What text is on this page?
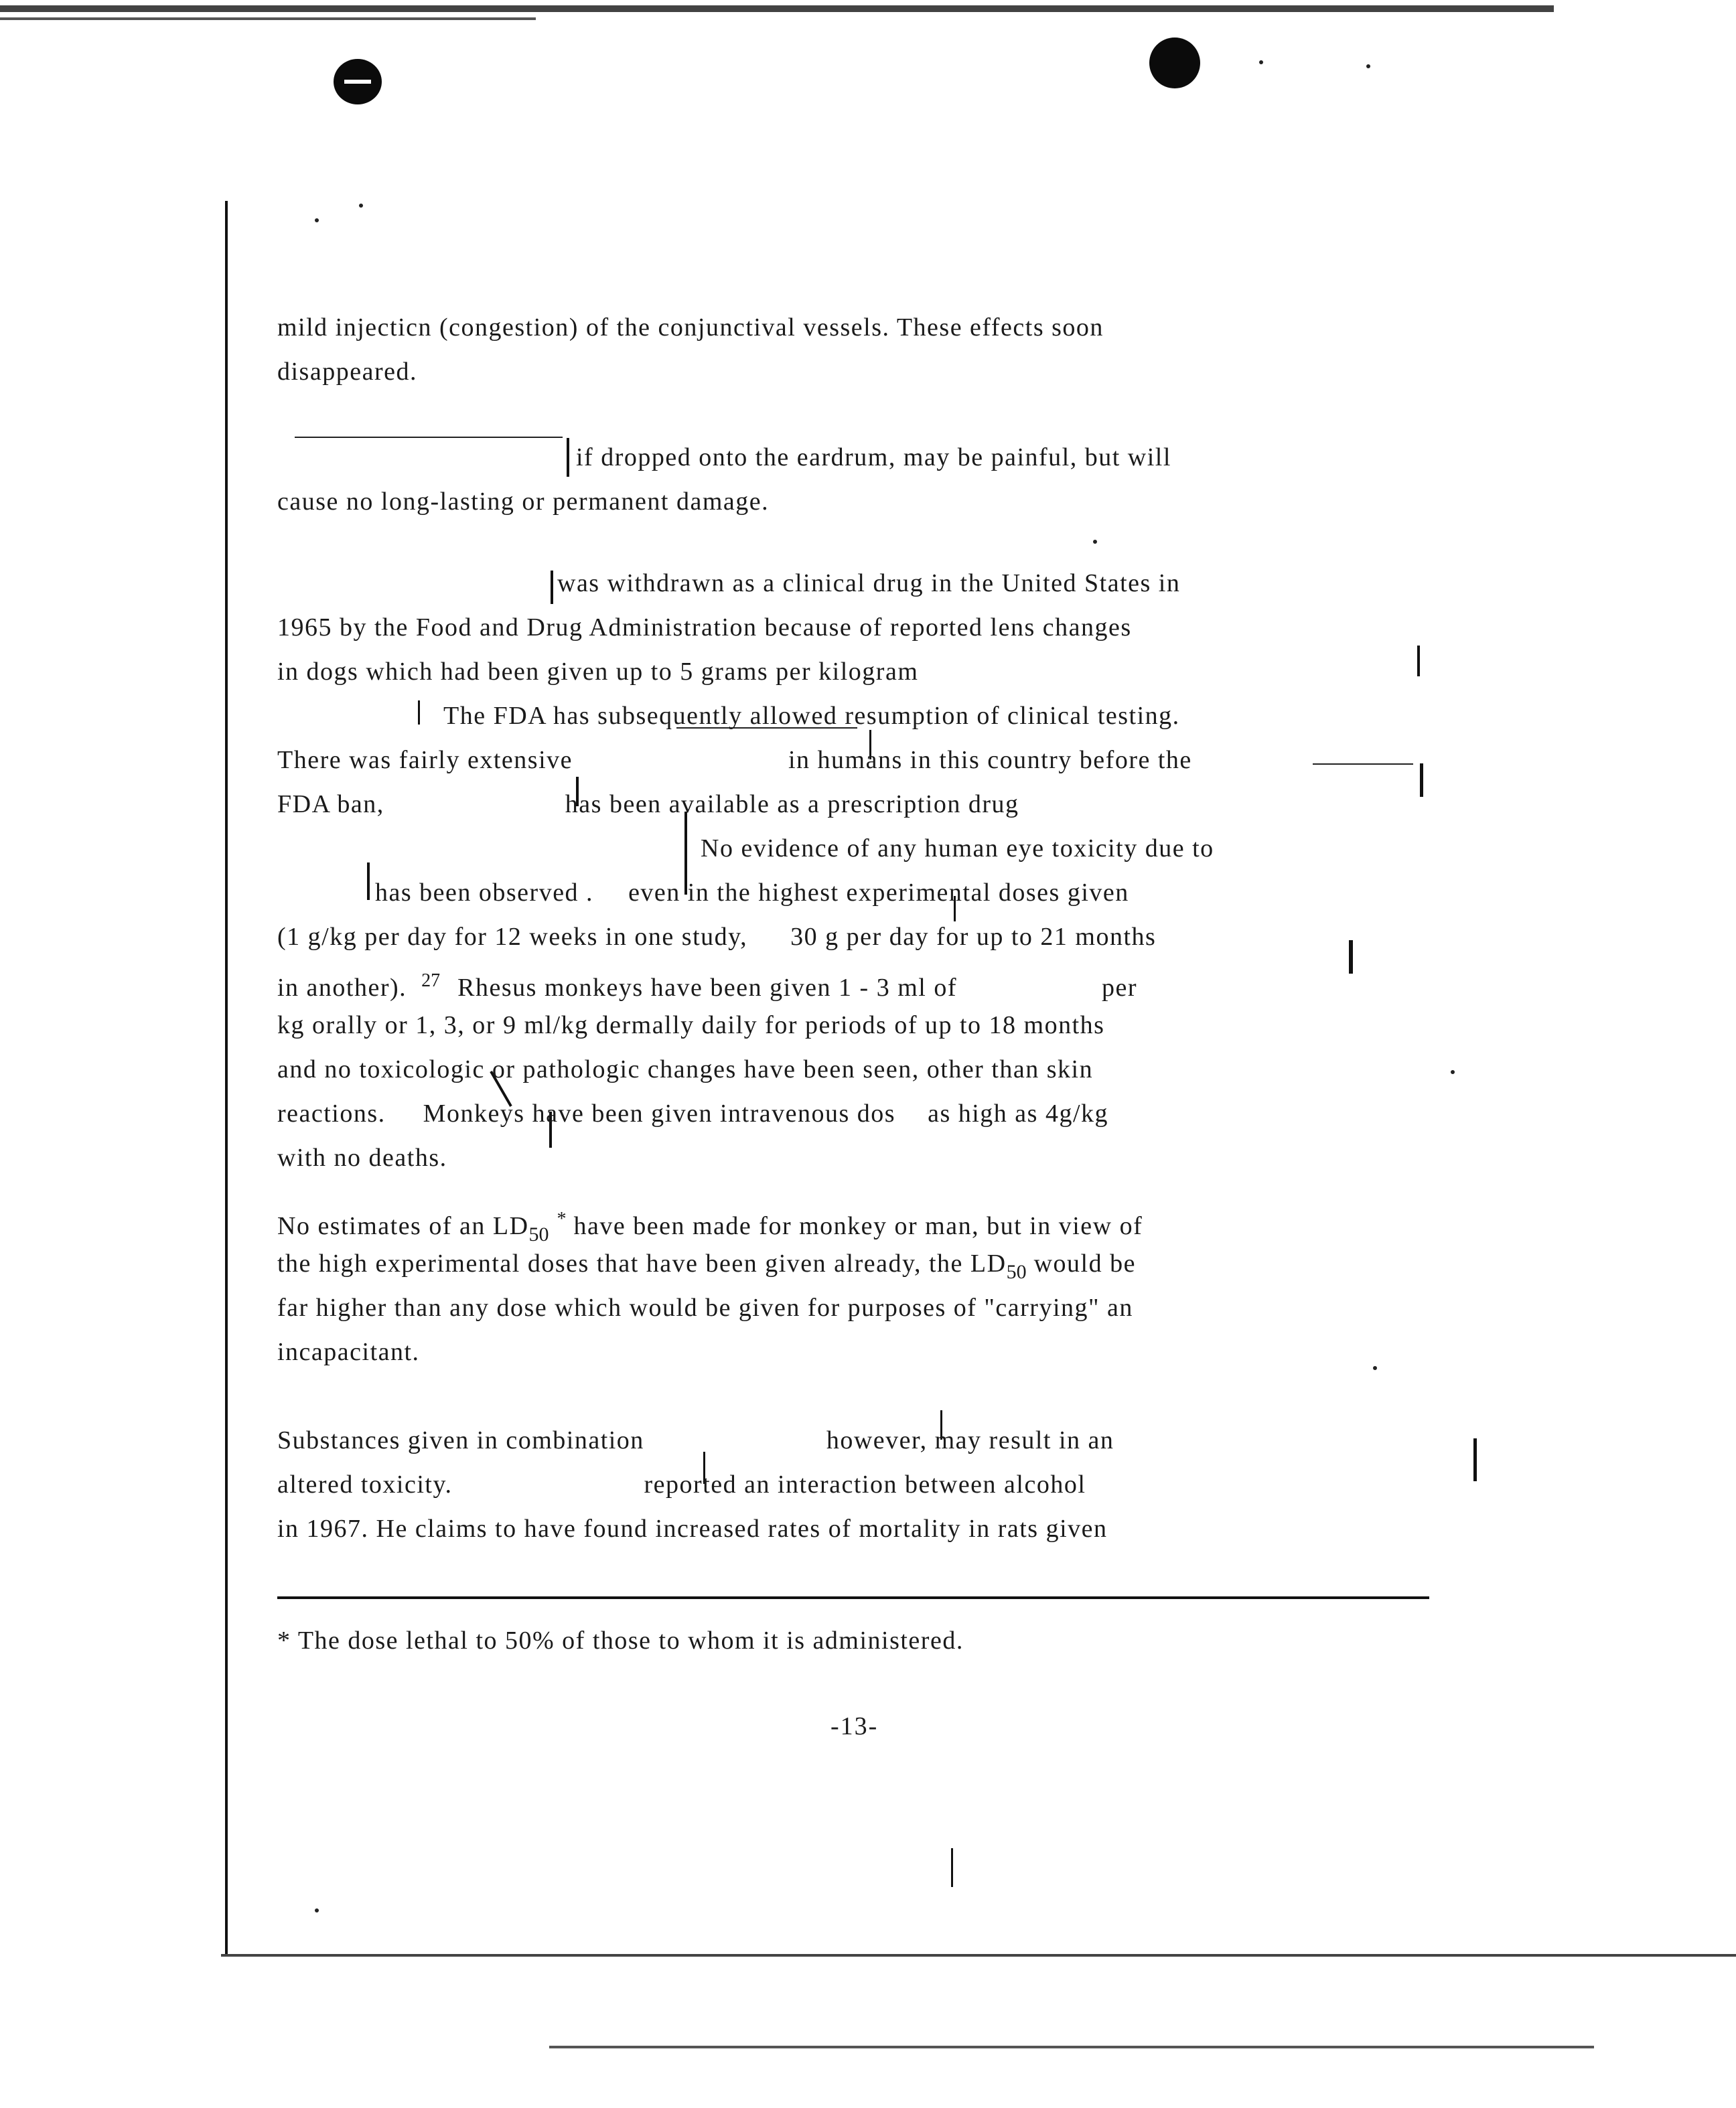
mild injecticn (congestion) of the conjunctival vessels. These effects soon
disappeared.
if dropped onto the eardrum, may be painful, but will
cause no long-lasting or permanent damage.
was withdrawn as a clinical drug in the United States in
1965 by the Food and Drug Administration because of reported lens changes
in dogs which had been given up to 5 grams per kilogram
The FDA has subsequently allowed resumption of clinical testing.
There was fairly extensive	in humans in this country before the
FDA ban,	has been available as a prescription drug
No evidence of any human eye toxicity due to
has been observed . even in the highest experimental doses given
(1 g/kg per day for 12 weeks in one study, 30 g per day for up to 21 months
in another). $^{27}$ Rhesus monkeys have been given 1 - 3 ml of	per
kg orally or 1, 3, or 9 ml/kg dermally daily for periods of up to 18 months
and no toxicologic or pathologic changes have been seen, other than skin
reactions. Monkeys have been given intravenous dos as high as 4g/kg
with no deaths.
No estimates of an $LD_{50}^*$ have been made for monkey or man, but in view of
the high experimental doses that have been given already, the $LD_{50}$ would be
far higher than any dose which would be given for purposes of "carrying" an
incapacitant.
Substances given in combination	however, may result in an
altered toxicity.	reported an interaction between alcohol
in 1967. He claims to have found increased rates of mortality in rats given
* The dose lethal to 50% of those to whom it is administered.
-13-
